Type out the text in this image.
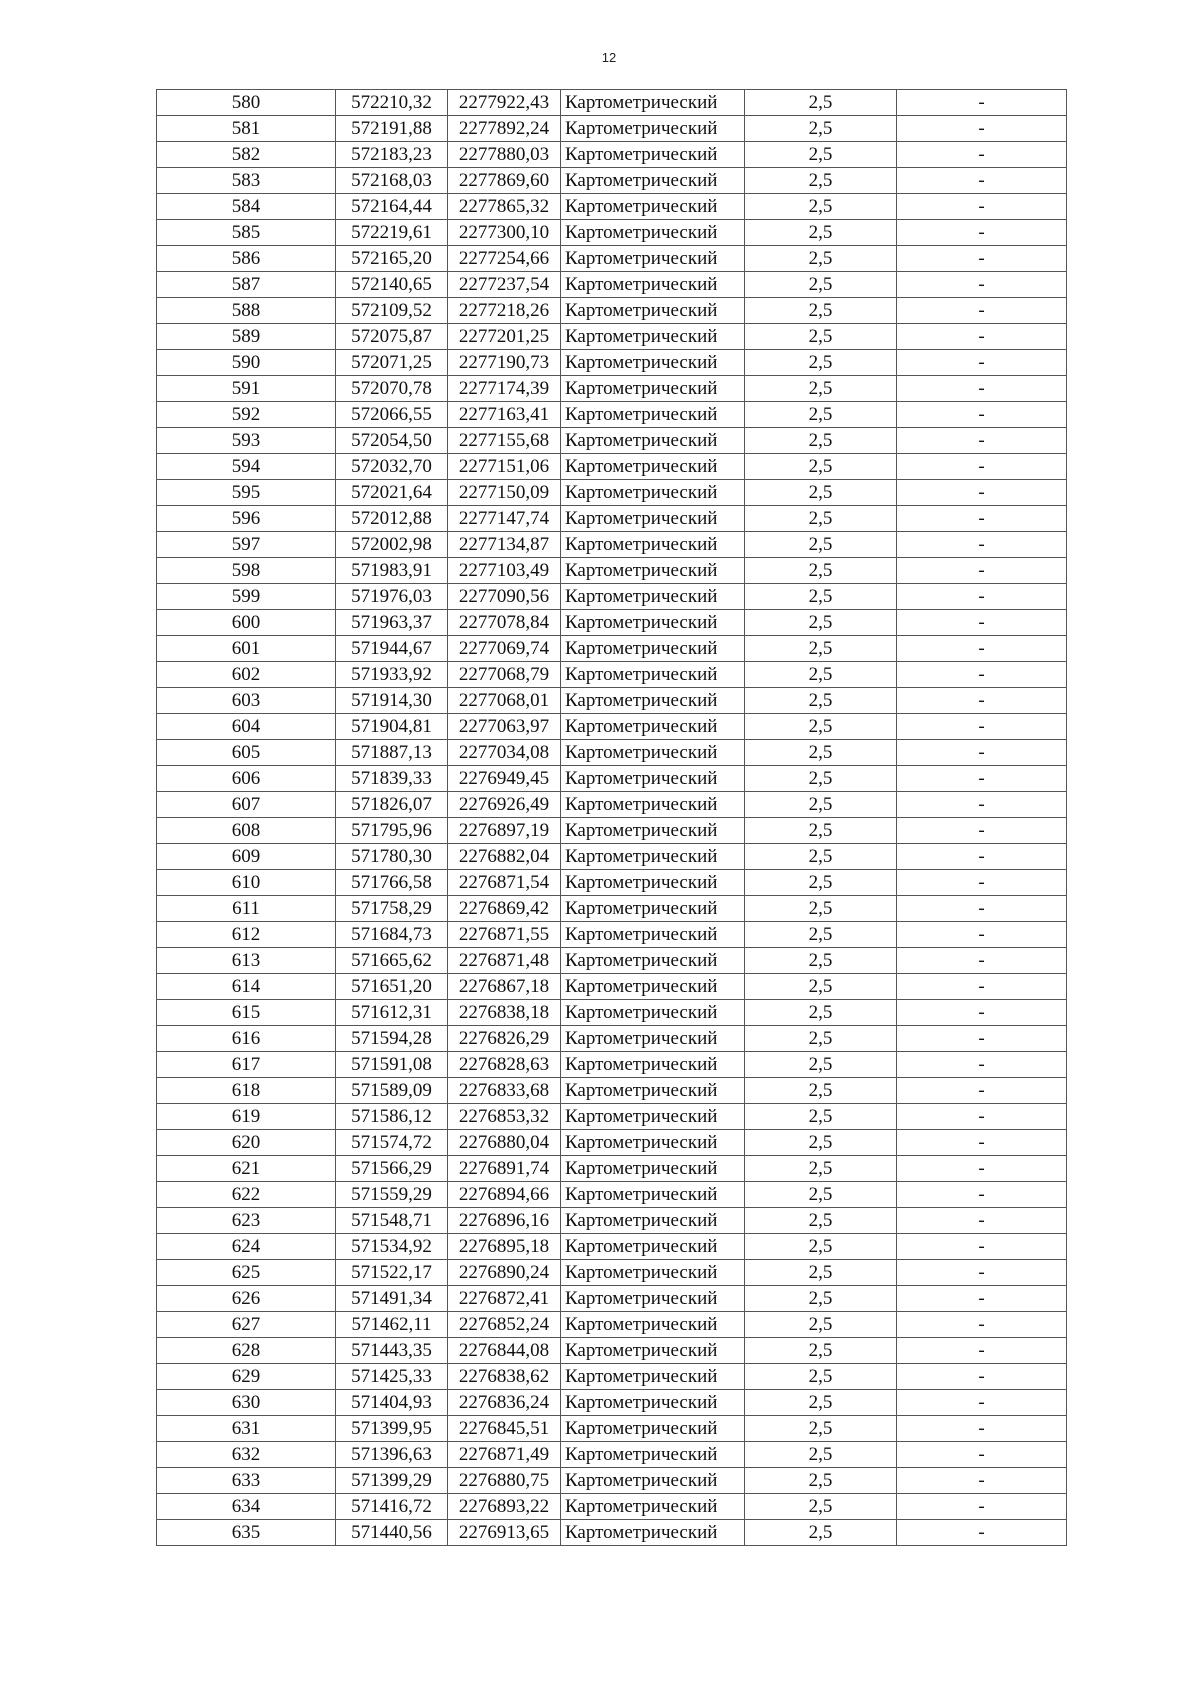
12
580	572210,32	2277922,43	Картометрический	2,5	-
581	572191,88	2277892,24	Картометрический	2,5	-
582	572183,23	2277880,03	Картометрический	2,5	-
583	572168,03	2277869,60	Картометрический	2,5	-
584	572164,44	2277865,32	Картометрический	2,5	-
585	572219,61	2277300,10	Картометрический	2,5	-
586	572165,20	2277254,66	Картометрический	2,5	-
587	572140,65	2277237,54	Картометрический	2,5	-
588	572109,52	2277218,26	Картометрический	2,5	-
589	572075,87	2277201,25	Картометрический	2,5	-
590	572071,25	2277190,73	Картометрический	2,5	-
591	572070,78	2277174,39	Картометрический	2,5	-
592	572066,55	2277163,41	Картометрический	2,5	-
593	572054,50	2277155,68	Картометрический	2,5	-
594	572032,70	2277151,06	Картометрический	2,5	-
595	572021,64	2277150,09	Картометрический	2,5	-
596	572012,88	2277147,74	Картометрический	2,5	-
597	572002,98	2277134,87	Картометрический	2,5	-
598	571983,91	2277103,49	Картометрический	2,5	-
599	571976,03	2277090,56	Картометрический	2,5	-
600	571963,37	2277078,84	Картометрический	2,5	-
601	571944,67	2277069,74	Картометрический	2,5	-
602	571933,92	2277068,79	Картометрический	2,5	-
603	571914,30	2277068,01	Картометрический	2,5	-
604	571904,81	2277063,97	Картометрический	2,5	-
605	571887,13	2277034,08	Картометрический	2,5	-
606	571839,33	2276949,45	Картометрический	2,5	-
607	571826,07	2276926,49	Картометрический	2,5	-
608	571795,96	2276897,19	Картометрический	2,5	-
609	571780,30	2276882,04	Картометрический	2,5	-
610	571766,58	2276871,54	Картометрический	2,5	-
611	571758,29	2276869,42	Картометрический	2,5	-
612	571684,73	2276871,55	Картометрический	2,5	-
613	571665,62	2276871,48	Картометрический	2,5	-
614	571651,20	2276867,18	Картометрический	2,5	-
615	571612,31	2276838,18	Картометрический	2,5	-
616	571594,28	2276826,29	Картометрический	2,5	-
617	571591,08	2276828,63	Картометрический	2,5	-
618	571589,09	2276833,68	Картометрический	2,5	-
619	571586,12	2276853,32	Картометрический	2,5	-
620	571574,72	2276880,04	Картометрический	2,5	-
621	571566,29	2276891,74	Картометрический	2,5	-
622	571559,29	2276894,66	Картометрический	2,5	-
623	571548,71	2276896,16	Картометрический	2,5	-
624	571534,92	2276895,18	Картометрический	2,5	-
625	571522,17	2276890,24	Картометрический	2,5	-
626	571491,34	2276872,41	Картометрический	2,5	-
627	571462,11	2276852,24	Картометрический	2,5	-
628	571443,35	2276844,08	Картометрический	2,5	-
629	571425,33	2276838,62	Картометрический	2,5	-
630	571404,93	2276836,24	Картометрический	2,5	-
631	571399,95	2276845,51	Картометрический	2,5	-
632	571396,63	2276871,49	Картометрический	2,5	-
633	571399,29	2276880,75	Картометрический	2,5	-
634	571416,72	2276893,22	Картометрический	2,5	-
635	571440,56	2276913,65	Картометрический	2,5	-
